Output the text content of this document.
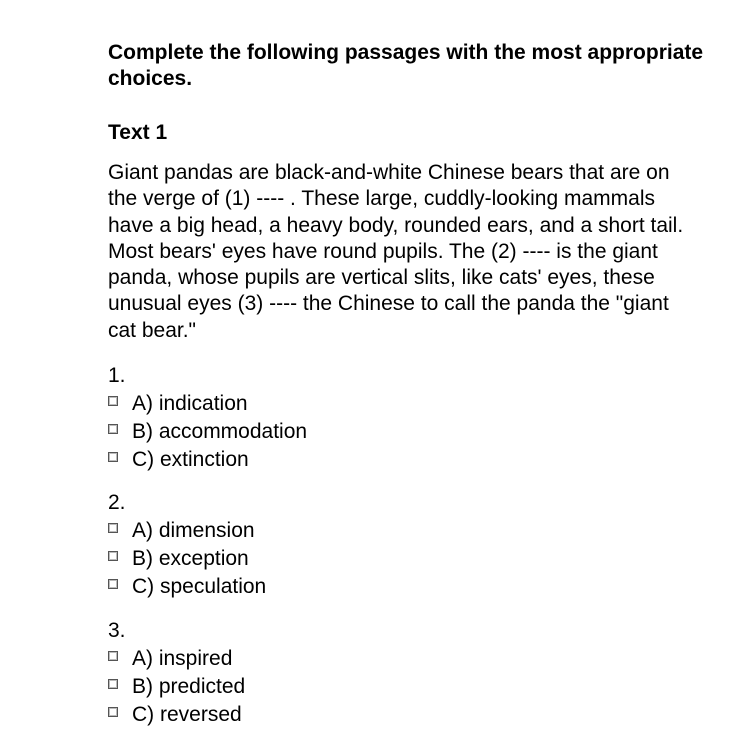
Complete the following passages with the most appropriate choices.

Text 1

Giant pandas are black-and-white Chinese bears that are on the verge of (1) ---- . These large, cuddly-looking mammals have a big head, a heavy body, rounded ears, and a short tail. Most bears' eyes have round pupils. The (2) ---- is the giant panda, whose pupils are vertical slits, like cats' eyes, these unusual eyes (3) ---- the Chinese to call the panda the "giant cat bear."

1.
A) indication
B) accommodation
C) extinction
2.
A) dimension
B) exception
C) speculation
3.
A) inspired
B) predicted
C) reversed
